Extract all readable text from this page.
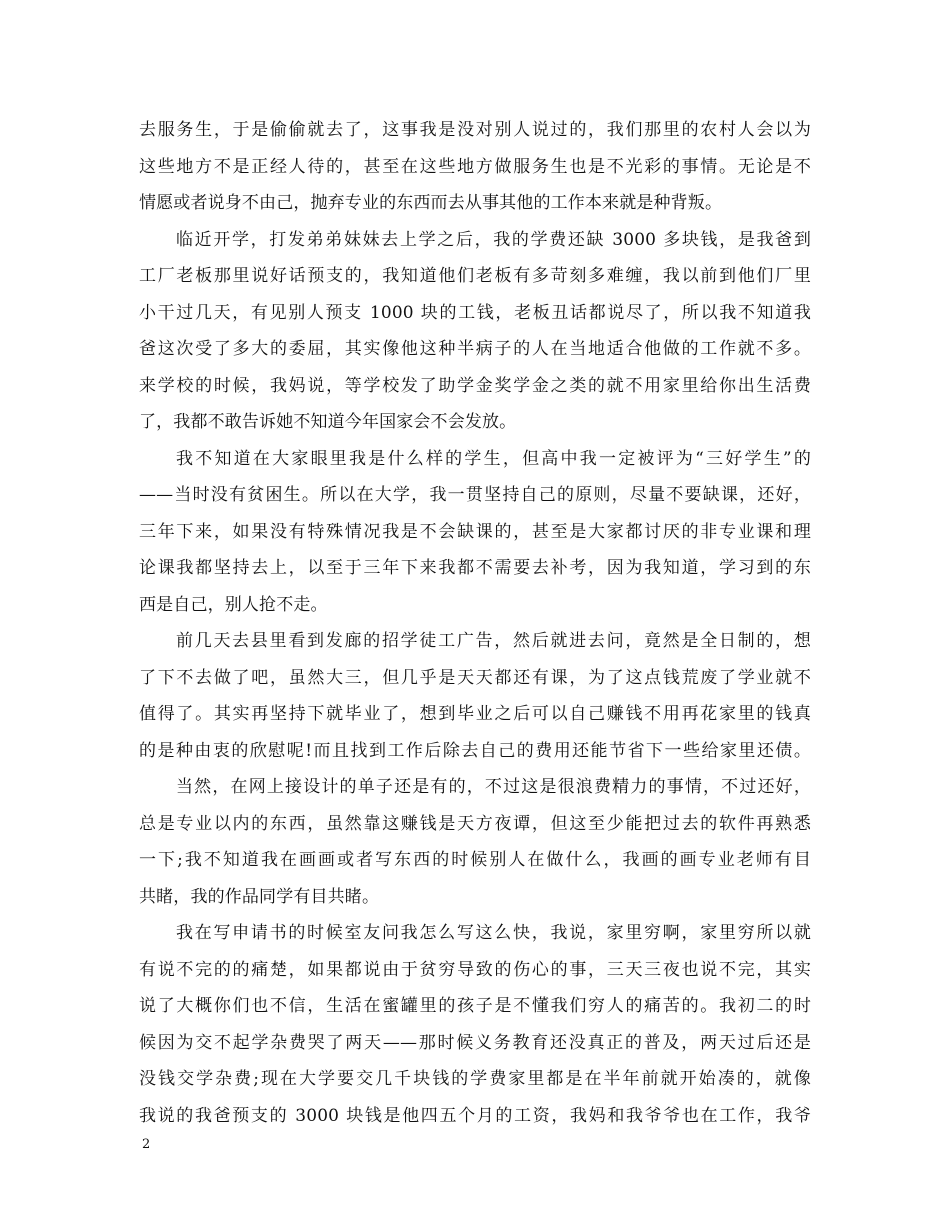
去服务生，于是偷偷就去了，这事我是没对别人说过的，我们那里的农村人会以为
这些地方不是正经人待的，甚至在这些地方做服务生也是不光彩的事情。无论是不
情愿或者说身不由己，抛弃专业的东西而去从事其他的工作本来就是种背叛。
临近开学，打发弟弟妹妹去上学之后，我的学费还缺 3000 多块钱，是我爸到
工厂老板那里说好话预支的，我知道他们老板有多苛刻多难缠，我以前到他们厂里
小干过几天，有见别人预支 1000 块的工钱，老板丑话都说尽了，所以我不知道我
爸这次受了多大的委屈，其实像他这种半病子的人在当地适合他做的工作就不多。
来学校的时候，我妈说，等学校发了助学金奖学金之类的就不用家里给你出生活费
了，我都不敢告诉她不知道今年国家会不会发放。
我不知道在大家眼里我是什么样的学生，但高中我一定被评为“三好学生”的
——当时没有贫困生。所以在大学，我一贯坚持自己的原则，尽量不要缺课，还好，
三年下来，如果没有特殊情况我是不会缺课的，甚至是大家都讨厌的非专业课和理
论课我都坚持去上，以至于三年下来我都不需要去补考，因为我知道，学习到的东
西是自己，别人抢不走。
前几天去县里看到发廊的招学徒工广告，然后就进去问，竟然是全日制的，想
了下不去做了吧，虽然大三，但几乎是天天都还有课，为了这点钱荒废了学业就不
值得了。其实再坚持下就毕业了，想到毕业之后可以自己赚钱不用再花家里的钱真
的是种由衷的欣慰呢!而且找到工作后除去自己的费用还能节省下一些给家里还债。
当然，在网上接设计的单子还是有的，不过这是很浪费精力的事情，不过还好，
总是专业以内的东西，虽然靠这赚钱是天方夜谭，但这至少能把过去的软件再熟悉
一下;我不知道我在画画或者写东西的时候别人在做什么，我画的画专业老师有目
共睹，我的作品同学有目共睹。
我在写申请书的时候室友问我怎么写这么快，我说，家里穷啊，家里穷所以就
有说不完的的痛楚，如果都说由于贫穷导致的伤心的事，三天三夜也说不完，其实
说了大概你们也不信，生活在蜜罐里的孩子是不懂我们穷人的痛苦的。我初二的时
候因为交不起学杂费哭了两天——那时候义务教育还没真正的普及，两天过后还是
没钱交学杂费;现在大学要交几千块钱的学费家里都是在半年前就开始凑的，就像
我说的我爸预支的 3000 块钱是他四五个月的工资，我妈和我爷爷也在工作，我爷
2
